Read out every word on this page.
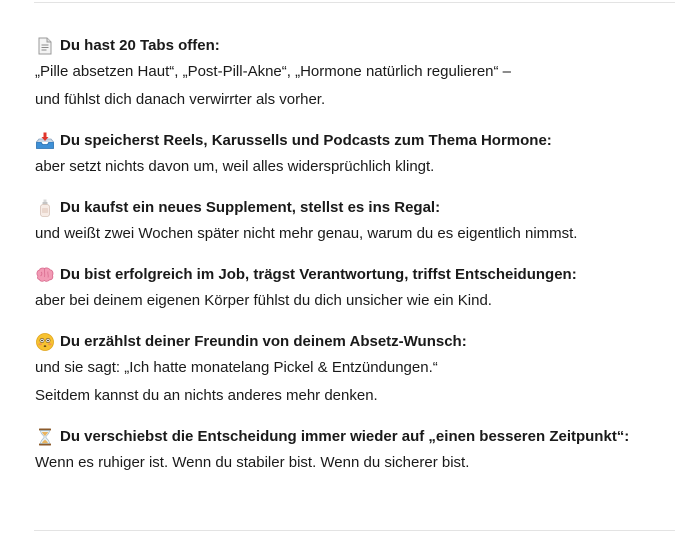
Du hast 20 Tabs offen:
„Pille absetzen Haut“, „Post-Pill-Akne“, „Hormone natürlich regulieren“ –
und fühlst dich danach verwirrter als vorher.
Du speicherst Reels, Karussells und Podcasts zum Thema Hormone:
aber setzt nichts davon um, weil alles widersprüchlich klingt.
Du kaufst ein neues Supplement, stellst es ins Regal:
und weißt zwei Wochen später nicht mehr genau, warum du es eigentlich nimmst.
Du bist erfolgreich im Job, trägst Verantwortung, triffst Entscheidungen:
aber bei deinem eigenen Körper fühlst du dich unsicher wie ein Kind.
Du erzählst deiner Freundin von deinem Absetz-Wunsch:
und sie sagt: „Ich hatte monatelang Pickel & Entzündungen.“
Seitdem kannst du an nichts anderes mehr denken.
Du verschiebst die Entscheidung immer wieder auf „einen besseren Zeitpunkt“:
Wenn es ruhiger ist. Wenn du stabiler bist. Wenn du sicherer bist.
